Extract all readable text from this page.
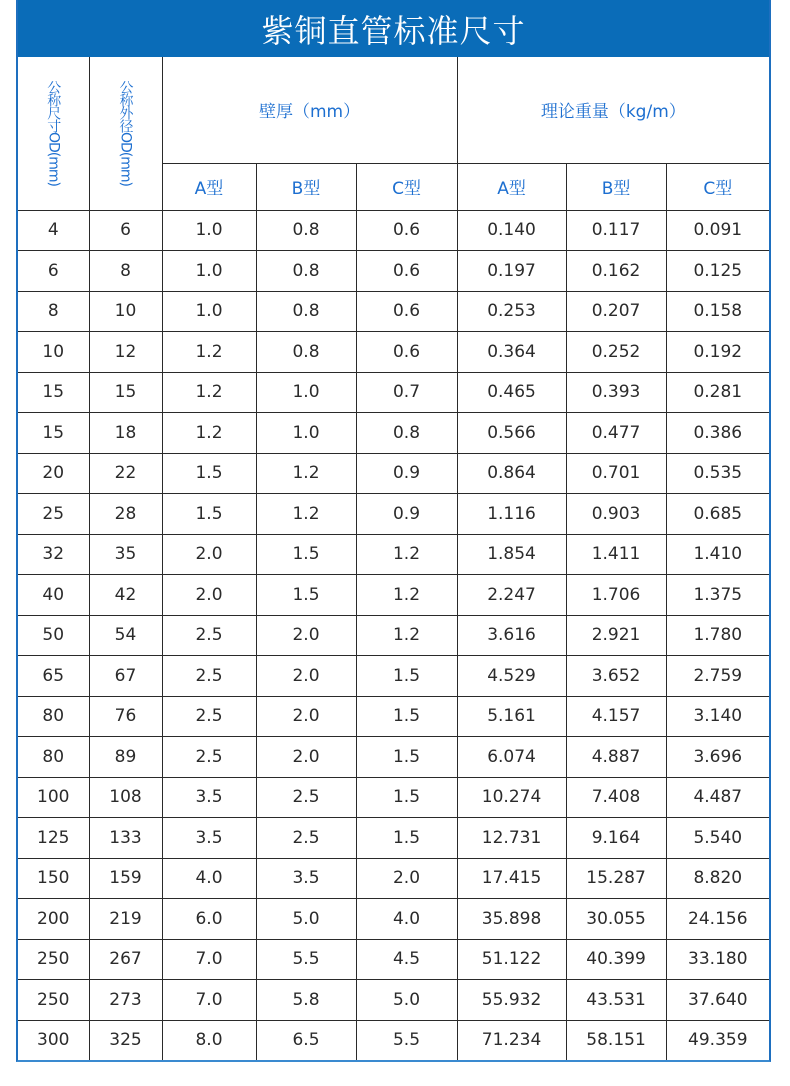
紫铜直管标准尺寸
公称尺寸OD(mm)	公称外径OD(mm)	壁厚（mm）			理论重量（kg/m）		
		A型	B型	C型	A型	B型	C型
4	6	1.0	0.8	0.6	0.140	0.117	0.091
6	8	1.0	0.8	0.6	0.197	0.162	0.125
8	10	1.0	0.8	0.6	0.253	0.207	0.158
10	12	1.2	0.8	0.6	0.364	0.252	0.192
15	15	1.2	1.0	0.7	0.465	0.393	0.281
15	18	1.2	1.0	0.8	0.566	0.477	0.386
20	22	1.5	1.2	0.9	0.864	0.701	0.535
25	28	1.5	1.2	0.9	1.116	0.903	0.685
32	35	2.0	1.5	1.2	1.854	1.411	1.410
40	42	2.0	1.5	1.2	2.247	1.706	1.375
50	54	2.5	2.0	1.2	3.616	2.921	1.780
65	67	2.5	2.0	1.5	4.529	3.652	2.759
80	76	2.5	2.0	1.5	5.161	4.157	3.140
80	89	2.5	2.0	1.5	6.074	4.887	3.696
100	108	3.5	2.5	1.5	10.274	7.408	4.487
125	133	3.5	2.5	1.5	12.731	9.164	5.540
150	159	4.0	3.5	2.0	17.415	15.287	8.820
200	219	6.0	5.0	4.0	35.898	30.055	24.156
250	267	7.0	5.5	4.5	51.122	40.399	33.180
250	273	7.0	5.8	5.0	55.932	43.531	37.640
300	325	8.0	6.5	5.5	71.234	58.151	49.359
